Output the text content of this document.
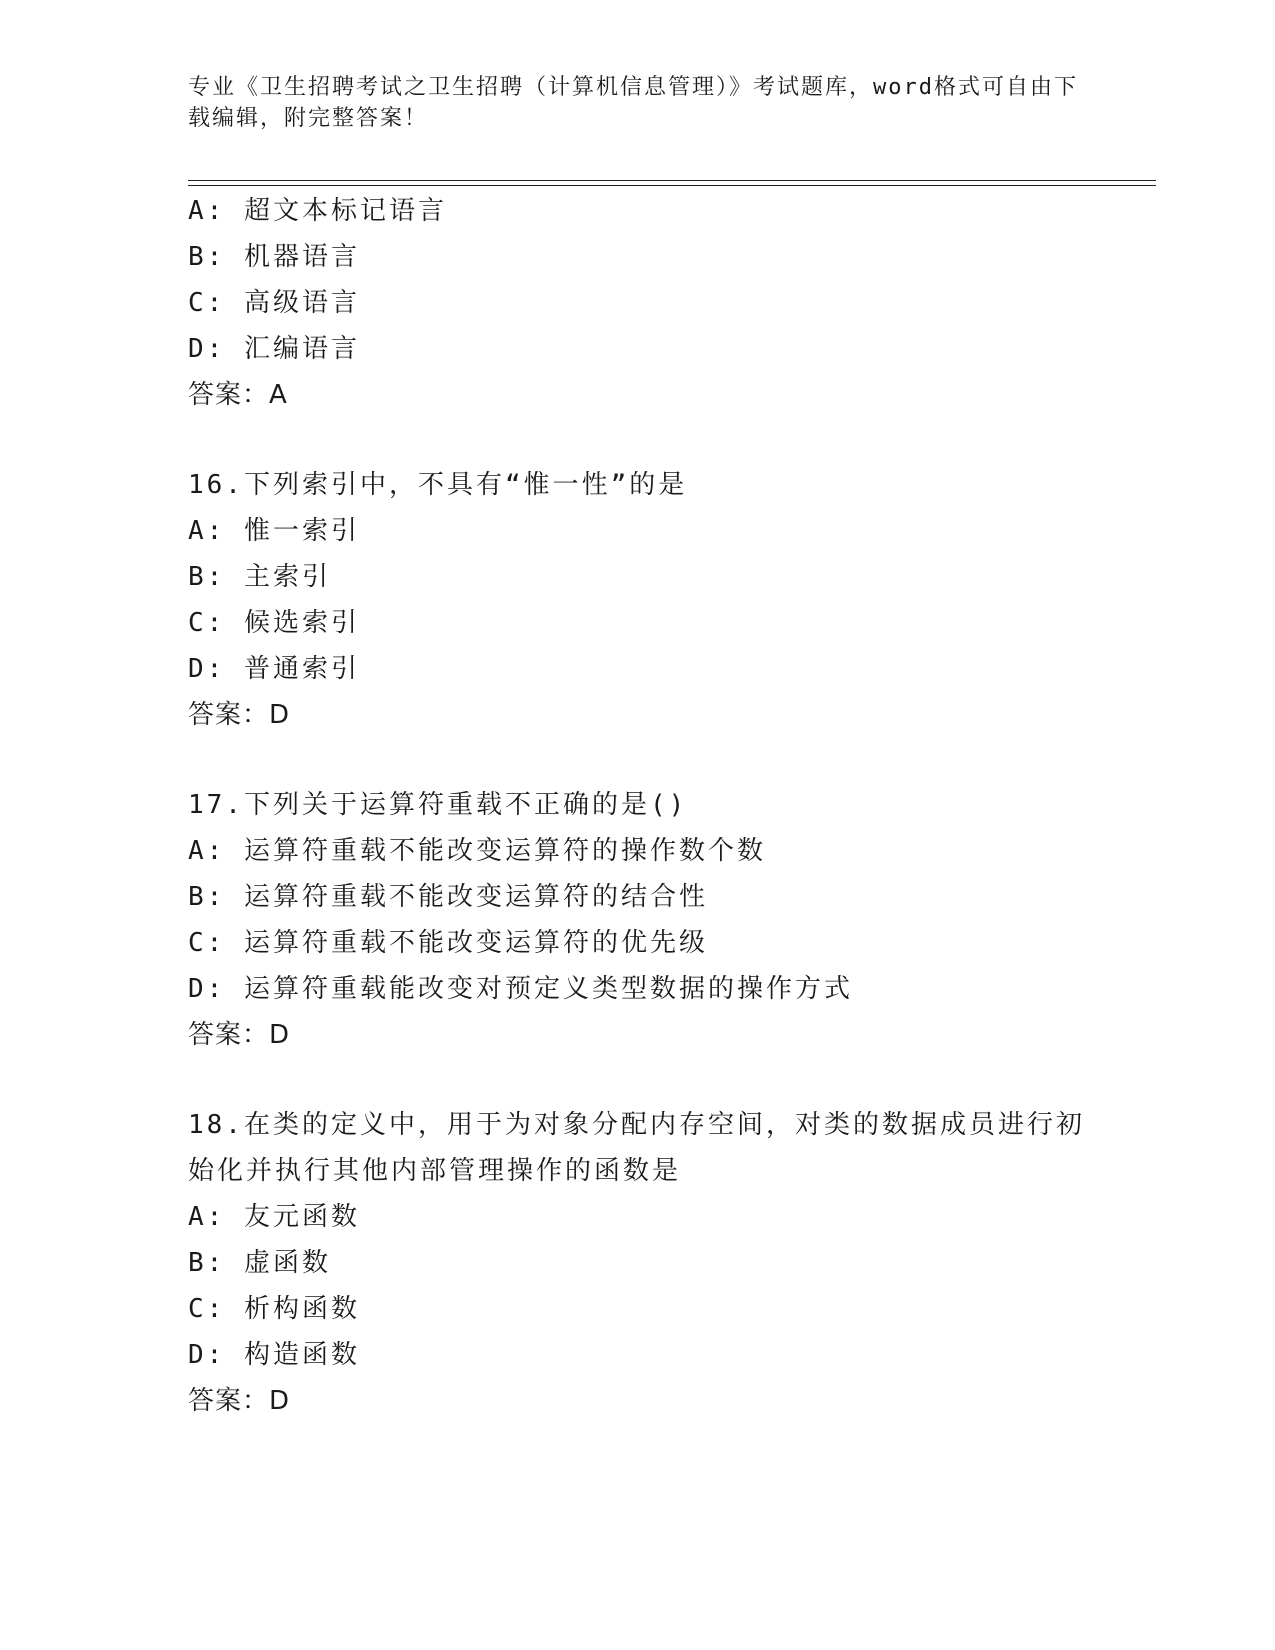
专业《卫生招聘考试之卫生招聘（计算机信息管理）》考试题库，word格式可自由下载编辑，附完整答案！
A: 超文本标记语言
B: 机器语言
C: 高级语言
D: 汇编语言
答案：A
16.下列索引中，不具有“惟一性”的是
A: 惟一索引
B: 主索引
C: 候选索引
D: 普通索引
答案：D
17.下列关于运算符重载不正确的是()
A: 运算符重载不能改变运算符的操作数个数
B: 运算符重载不能改变运算符的结合性
C: 运算符重载不能改变运算符的优先级
D: 运算符重载能改变对预定义类型数据的操作方式
答案：D
18.在类的定义中，用于为对象分配内存空间，对类的数据成员进行初
始化并执行其他内部管理操作的函数是
A: 友元函数
B: 虚函数
C: 析构函数
D: 构造函数
答案：D
